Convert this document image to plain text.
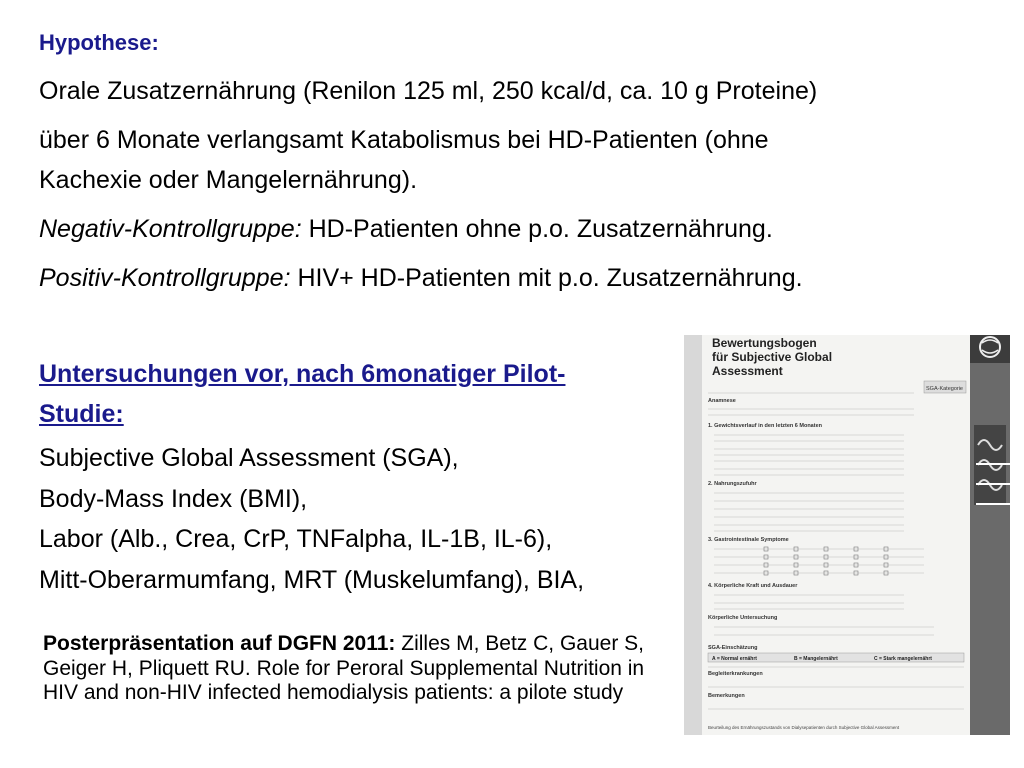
Hypothese:
Orale Zusatzernährung (Renilon 125 ml, 250 kcal/d, ca. 10 g Proteine)
über 6 Monate verlangsamt Katabolismus bei HD-Patienten (ohne
Kachexie oder Mangelernährung).
Negativ-Kontrollgruppe: HD-Patienten ohne p.o. Zusatzernährung.
Positiv-Kontrollgruppe: HIV+ HD-Patienten mit p.o. Zusatzernährung.
Untersuchungen vor, nach 6monatiger Pilot-
Studie:
Subjective Global Assessment (SGA),
Body-Mass Index (BMI),
Labor (Alb., Crea, CrP, TNFalpha, IL-1B, IL-6),
Mitt-Oberarmumfang, MRT (Muskelumfang), BIA,
Posterpräsentation auf DGFN 2011: Zilles M, Betz C, Gauer S, Geiger H, Pliquett RU. Role for Peroral Supplemental Nutrition in HIV and non-HIV infected hemodialysis patients: a pilote study
Bewertungsbogen
für Subjective Global
Assessment
SGA-Kategorie
Anamnese
1. Gewichtsverlauf in den letzten 6 Monaten
2. Nahrungszufuhr
3. Gastrointestinale Symptome
4. Körperliche Kraft und Ausdauer
Körperliche Untersuchung
SGA-Einschätzung
Begleiterkrankungen
Bemerkungen
A = Normal ernährt	B = Mangelernährt	C = Stark mangelernährt
Beurteilung des Ernährungszustands von Dialysepatienten durch Subjective Global Assessment
